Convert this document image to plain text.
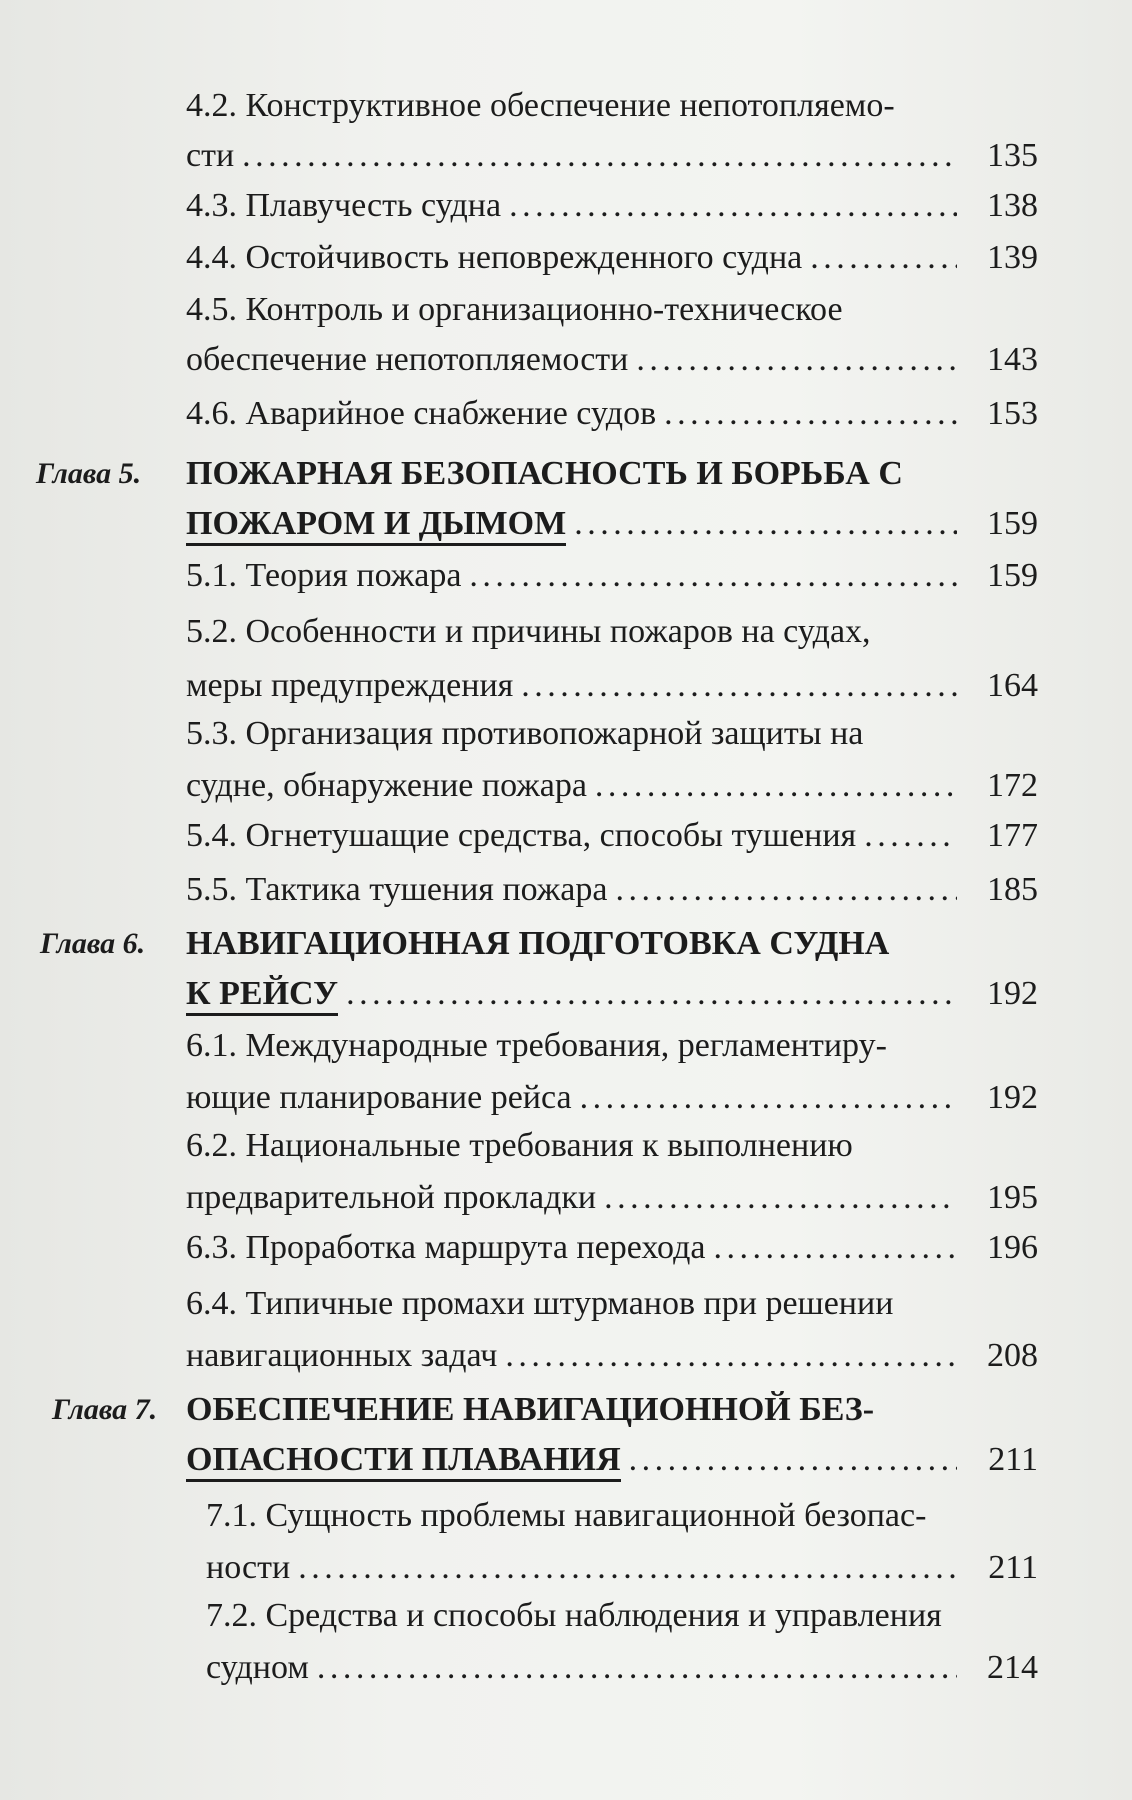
4.2. Конструктивное обеспечение непотопляемо-
сти . . .	135
4.3. Плавучесть судна . . .	138
4.4. Остойчивость неповрежденного судна . . .	139
4.5. Контроль и организационно-техническое
обеспечение непотопляемости . . .	143
4.6. Аварийное снабжение судов . . .	153
Глава 5. ПОЖАРНАЯ БЕЗОПАСНОСТЬ И БОРЬБА С
ПОЖАРОМ И ДЫМОМ . . .	159
5.1. Теория пожара . . .	159
5.2. Особенности и причины пожаров на судах,
меры предупреждения . . .	164
5.3. Организация противопожарной защиты на
судне, обнаружение пожара . . .	172
5.4. Огнетушащие средства, способы тушения . . .	177
5.5. Тактика тушения пожара . . .	185
Глава 6. НАВИГАЦИОННАЯ ПОДГОТОВКА СУДНА
К РЕЙСУ . . .	192
6.1. Международные требования, регламентиру-
ющие планирование рейса . . .	192
6.2. Национальные требования к выполнению
предварительной прокладки . . .	195
6.3. Проработка маршрута перехода . . .	196
6.4. Типичные промахи штурманов при решении
навигационных задач . . .	208
Глава 7. ОБЕСПЕЧЕНИЕ НАВИГАЦИОННОЙ БЕЗ-
ОПАСНОСТИ ПЛАВАНИЯ . . .	211
7.1. Сущность проблемы навигационной безопас-
ности . . .	211
7.2. Средства и способы наблюдения и управления
судном . . .	214
